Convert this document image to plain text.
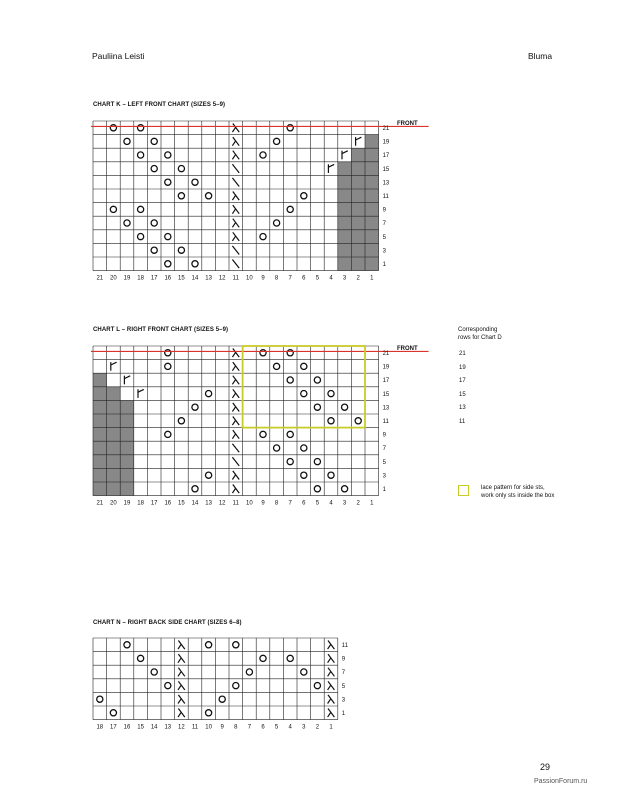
Pauliina Leisti	Bluma
CHART K – LEFT FRONT CHART (SIZES 5–9)
FRONT
21 20 19 18 17 16 15 14 13 12 11 10 9 8 7 6 5 4 3 2 1
21
19
17
15
13
11
9
7
5
3
1
CHART L – RIGHT FRONT CHART (SIZES 5–9)
FRONT
21 20 19 18 17 16 15 14 13 12 11 10 9 8 7 6 5 4 3 2 1
21
19
17
15
13
11
9
7
5
3
1
Corresponding
rows for Chart D
21
19
17
15
13
11
lace pattern for side sts,
work only sts inside the box
CHART N – RIGHT BACK SIDE CHART (SIZES 6–8)
18 17 16 15 14 13 12 11 10 9 8 7 6 5 4 3 2 1
11
9
7
5
3
1
29
PassionForum.ru
